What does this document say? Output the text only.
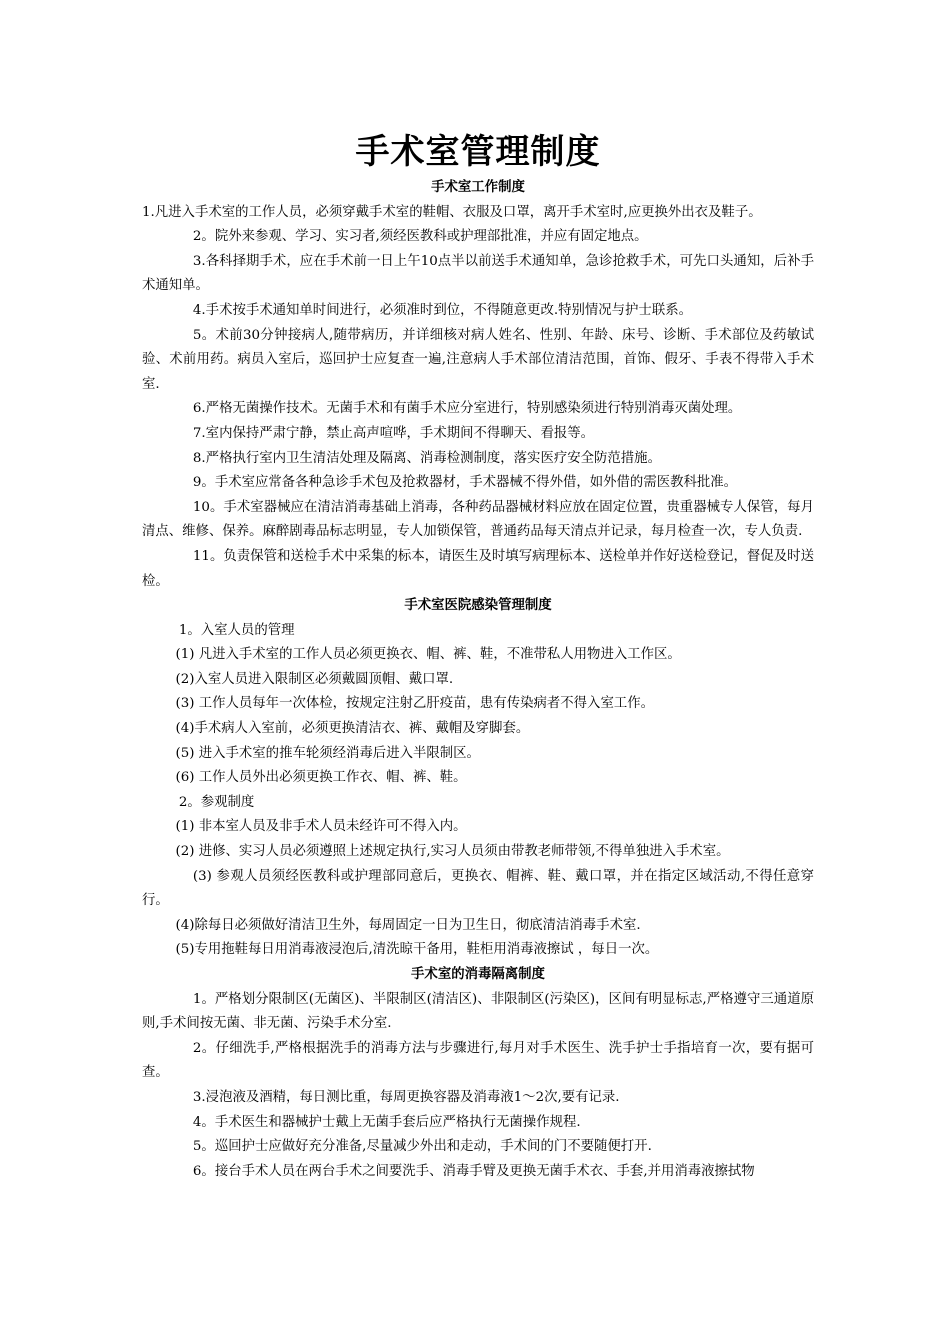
手术室管理制度
手术室工作制度

1.凡进入手术室的工作人员，必须穿戴手术室的鞋帽、衣服及口罩，离开手术室时,应更换外出衣及鞋子。

2。院外来参观、学习、实习者,须经医教科或护理部批准，并应有固定地点。

3.各科择期手术，应在手术前一日上午10点半以前送手术通知单，急诊抢救手术，可先口头通知，后补手术通知单。

4.手术按手术通知单时间进行，必须准时到位，不得随意更改.特别情况与护士联系。

5。术前30分钟接病人,随带病历，并详细核对病人姓名、性别、年龄、床号、诊断、手术部位及药敏试验、术前用药。病员入室后，巡回护士应复查一遍,注意病人手术部位清洁范围，首饰、假牙、手表不得带入手术室.

6.严格无菌操作技术。无菌手术和有菌手术应分室进行，特别感染须进行特别消毒灭菌处理。

7.室内保持严肃宁静，禁止高声喧哗，手术期间不得聊天、看报等。

8.严格执行室内卫生清洁处理及隔离、消毒检测制度，落实医疗安全防范措施。

9。手术室应常备各种急诊手术包及抢救器材，手术器械不得外借，如外借的需医教科批准。

10。手术室器械应在清洁消毒基础上消毒，各种药品器械材料应放在固定位置，贵重器械专人保管，每月清点、维修、保养。麻醉剧毒品标志明显，专人加锁保管，普通药品每天清点并记录，每月检查一次，专人负责.

11。负责保管和送检手术中采集的标本，请医生及时填写病理标本、送检单并作好送检登记，督促及时送检。

手术室医院感染管理制度

1。入室人员的管理

(1) 凡进入手术室的工作人员必须更换衣、帽、裤、鞋，不准带私人用物进入工作区。

(2)入室人员进入限制区必须戴圆顶帽、戴口罩.

(3) 工作人员每年一次体检，按规定注射乙肝疫苗，患有传染病者不得入室工作。

(4)手术病人入室前，必须更换清洁衣、裤、戴帽及穿脚套。

(5) 进入手术室的推车轮须经消毒后进入半限制区。

(6) 工作人员外出必须更换工作衣、帽、裤、鞋。

2。参观制度

(1) 非本室人员及非手术人员未经许可不得入内。

(2) 进修、实习人员必须遵照上述规定执行,实习人员须由带教老师带领,不得单独进入手术室。

(3) 参观人员须经医教科或护理部同意后，更换衣、帽裤、鞋、戴口罩，并在指定区域活动,不得任意穿行。

(4)除每日必须做好清洁卫生外，每周固定一日为卫生日，彻底清洁消毒手术室.

(5)专用拖鞋每日用消毒液浸泡后,清洗晾干备用，鞋柜用消毒液擦试 ，每日一次。

手术室的消毒隔离制度

1。严格划分限制区(无菌区)、半限制区(清洁区)、非限制区(污染区)，区间有明显标志,严格遵守三通道原则,手术间按无菌、非无菌、污染手术分室.

2。仔细洗手,严格根据洗手的消毒方法与步骤进行,每月对手术医生、洗手护士手指培育一次，要有据可查。

3.浸泡液及酒精，每日测比重，每周更换容器及消毒液1～2次,要有记录.

4。手术医生和器械护士戴上无菌手套后应严格执行无菌操作规程.

5。巡回护士应做好充分准备,尽量减少外出和走动，手术间的门不要随便打开.

6。接台手术人员在两台手术之间要洗手、消毒手臂及更换无菌手术衣、手套,并用消毒液擦拭物
